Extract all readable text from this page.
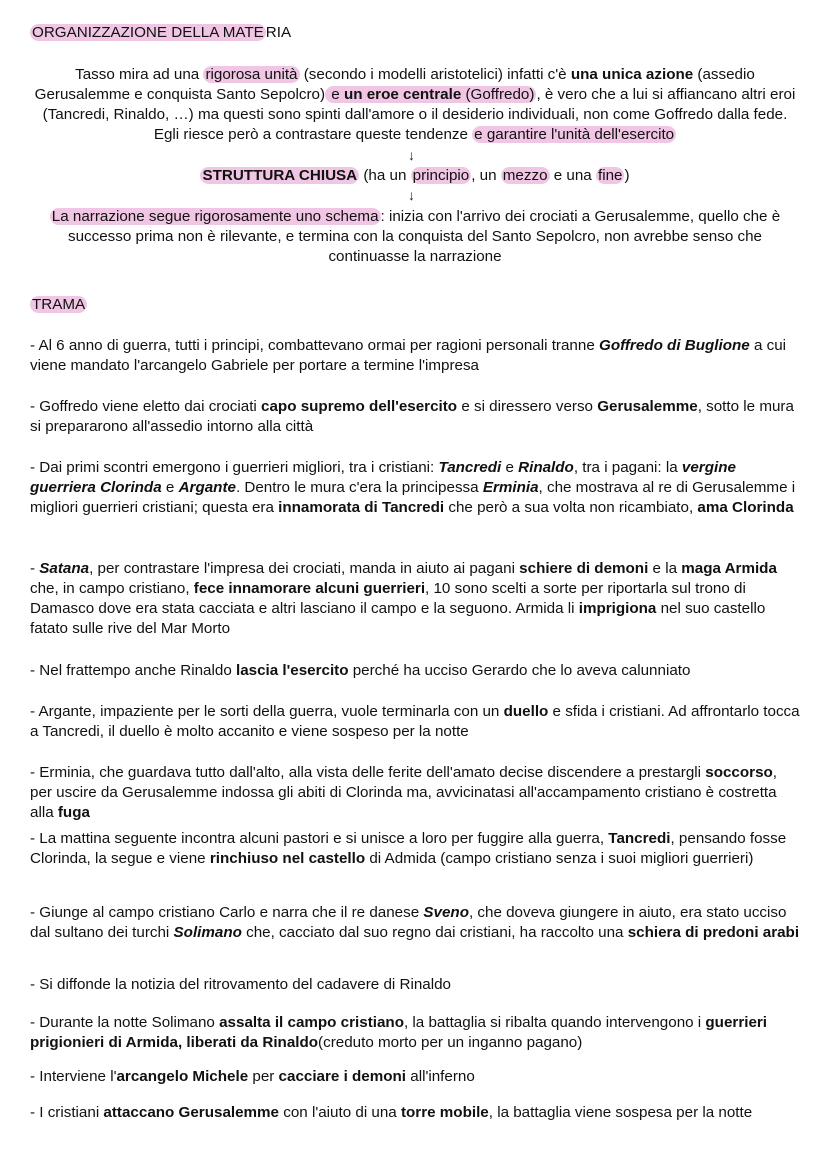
ORGANIZZAZIONE DELLA MATE RIA
Tasso mira ad una rigorosa unità (secondo i modelli aristotelici) infatti c'è una unica azione (assedio Gerusalemme e conquista Santo Sepolcro) e un eroe centrale (Goffredo) , è vero che a lui si affiancano altri eroi (Tancredi, Rinaldo, …) ma questi sono spinti dall'amore o il desiderio individuali, non come Goffredo dalla fede. Egli riesce però a contrastare queste tendenze e garantire l'unità dell'esercito
↓
STRUTTURA CHIUSA (ha un principio , un mezzo e una fine )
↓
La narrazione segue rigorosamente uno schema : inizia con l'arrivo dei crociati a Gerusalemme, quello che è successo prima non è rilevante, e termina con la conquista del Santo Sepolcro, non avrebbe senso che continuasse la narrazione
TRAMA
- Al 6 anno di guerra, tutti i principi, combattevano ormai per ragioni personali tranne Goffredo di Buglione a cui viene mandato l'arcangelo Gabriele per portare a termine l'impresa
- Goffredo viene eletto dai crociati capo supremo dell'esercito e si diressero verso Gerusalemme, sotto le mura si prepararono all'assedio intorno alla città
- Dai primi scontri emergono i guerrieri migliori, tra i cristiani: Tancredi e Rinaldo, tra i pagani: la vergine guerriera Clorinda e Argante. Dentro le mura c'era la principessa Erminia, che mostrava al re di Gerusalemme i migliori guerrieri cristiani; questa era innamorata di Tancredi che però a sua volta non ricambiato, ama Clorinda
- Satana, per contrastare l'impresa dei crociati, manda in aiuto ai pagani schiere di demoni e la maga Armida che, in campo cristiano, fece innamorare alcuni guerrieri, 10 sono scelti a sorte per riportarla sul trono di Damasco dove era stata cacciata e altri lasciano il campo e la seguono. Armida li imprigiona nel suo castello fatato sulle rive del Mar Morto
- Nel frattempo anche Rinaldo lascia l'esercito perché ha ucciso Gerardo che lo aveva calunniato
- Argante, impaziente per le sorti della guerra, vuole terminarla con un duello e sfida i cristiani. Ad affrontarlo tocca a Tancredi, il duello è molto accanito e viene sospeso per la notte
- Erminia, che guardava tutto dall'alto, alla vista delle ferite dell'amato decise discendere a prestargli soccorso, per uscire da Gerusalemme indossa gli abiti di Clorinda ma, avvicinatasi all'accampamento cristiano è costretta alla fuga
- La mattina seguente incontra alcuni pastori e si unisce a loro per fuggire alla guerra, Tancredi, pensando fosse Clorinda, la segue e viene rinchiuso nel castello di Admida (campo cristiano senza i suoi migliori guerrieri)
- Giunge al campo cristiano Carlo e narra che il re danese Sveno, che doveva giungere in aiuto, era stato ucciso dal sultano dei turchi Solimano che, cacciato dal suo regno dai cristiani, ha raccolto una schiera di predoni arabi
- Si diffonde la notizia del ritrovamento del cadavere di Rinaldo
- Durante la notte Solimano assalta il campo cristiano, la battaglia si ribalta quando intervengono i guerrieri prigionieri di Armida, liberati da Rinaldo(creduto morto per un inganno pagano)
- Interviene l'arcangelo Michele per cacciare i demoni all'inferno
- I cristiani attaccano Gerusalemme con l'aiuto di una torre mobile, la battaglia viene sospesa per la notte
